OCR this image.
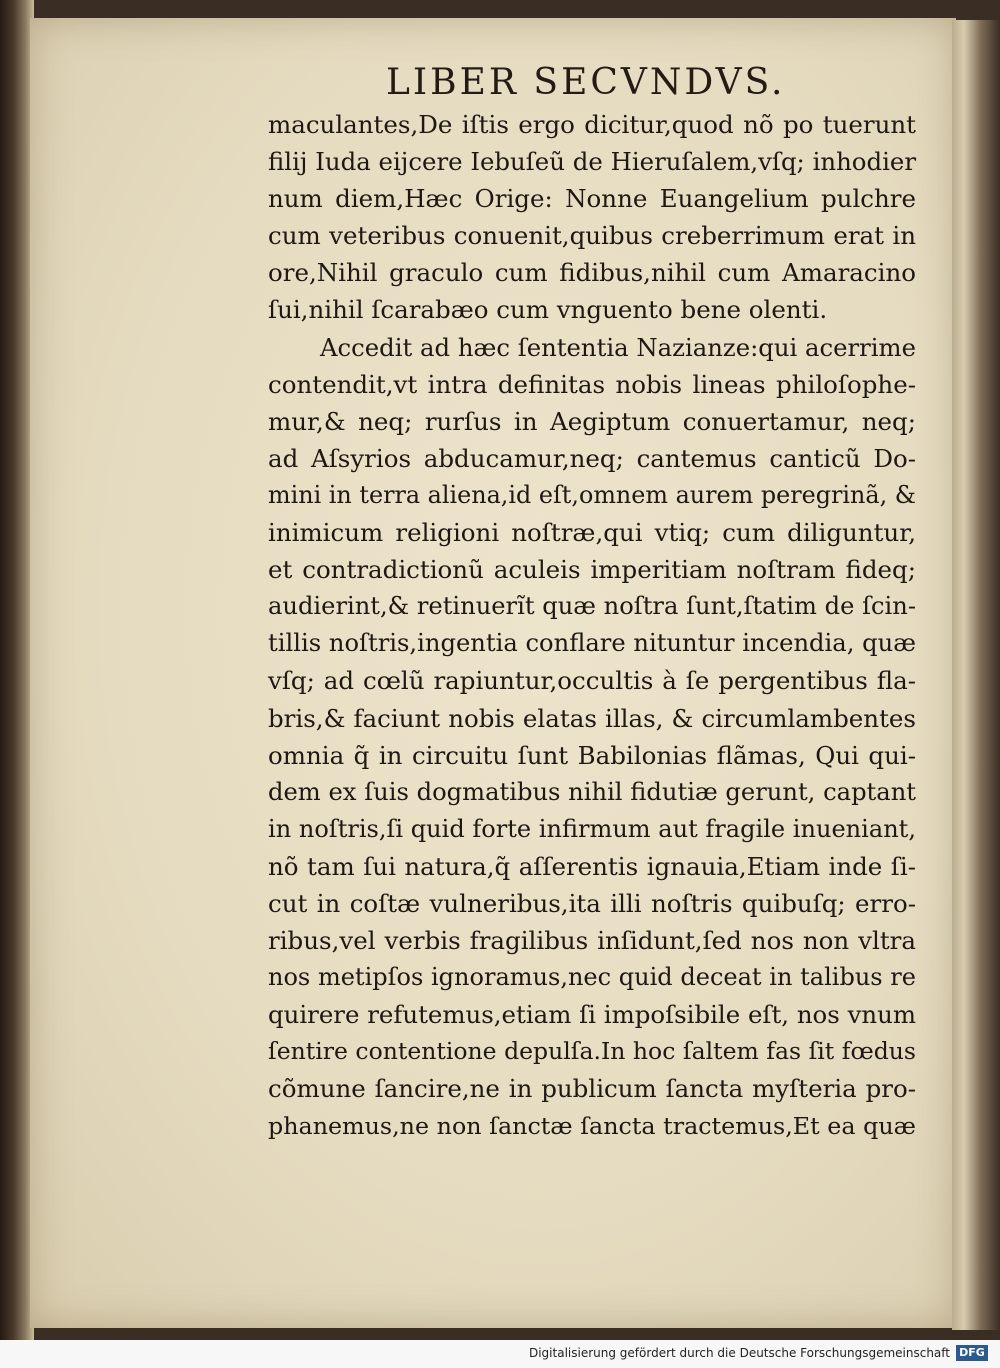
LIBER SECVNDVS.
maculantes,De iſtis ergo dicitur,quod nõ po tuerunt
filij Iuda eijcere Iebuſeũ de Hieruſalem,vſq; inhodier
num diem,Hæc Orige: Nonne Euangelium pulchre
cum veteribus conuenit,quibus creberrimum erat in
ore,Nihil graculo cum fidibus,nihil cum Amaracino
ſui,nihil ſcarabæo cum vnguento bene olenti.
Accedit ad hæc ſententia Nazianze:qui acerrime
contendit,vt intra definitas nobis lineas philoſophe-
mur,& neq; rurſus in Aegiptum conuertamur, neq;
ad Aſsyrios abducamur,neq; cantemus canticũ Do-
mini in terra aliena,id eſt,omnem aurem peregrinã, &
inimicum religioni noſtræ,qui vtiq; cum diliguntur,
et contradictionũ aculeis imperitiam noſtram fideq;
audierint,& retinuerĩt quæ noſtra ſunt,ſtatim de ſcin-
tillis noſtris,ingentia conflare nituntur incendia, quæ
vſq; ad cœlũ rapiuntur,occultis à ſe pergentibus fla-
bris,& faciunt nobis elatas illas, & circumlambentes
omnia q̃ in circuitu ſunt Babilonias flãmas, Qui qui-
dem ex ſuis dogmatibus nihil fidutiæ gerunt, captant
in noſtris,ſi quid forte infirmum aut fragile inueniant,
nõ tam ſui natura,q̃ aſſerentis ignauia,Etiam inde ſi-
cut in coſtæ vulneribus,ita illi noſtris quibuſq; erro-
ribus,vel verbis fragilibus inſidunt,ſed nos non vltra
nos metipſos ignoramus,nec quid deceat in talibus re
quirere refutemus,etiam ſi impoſsibile eſt, nos vnum
ſentire contentione depulſa.In hoc ſaltem fas ſit fœdus
cõmune ſancire,ne in publicum ſancta myſteria pro-
phanemus,ne non ſanctæ ſancta tractemus,Et ea quæ
Digitalisierung gefördert durch die Deutsche Forschungsgemeinschaft DFG
